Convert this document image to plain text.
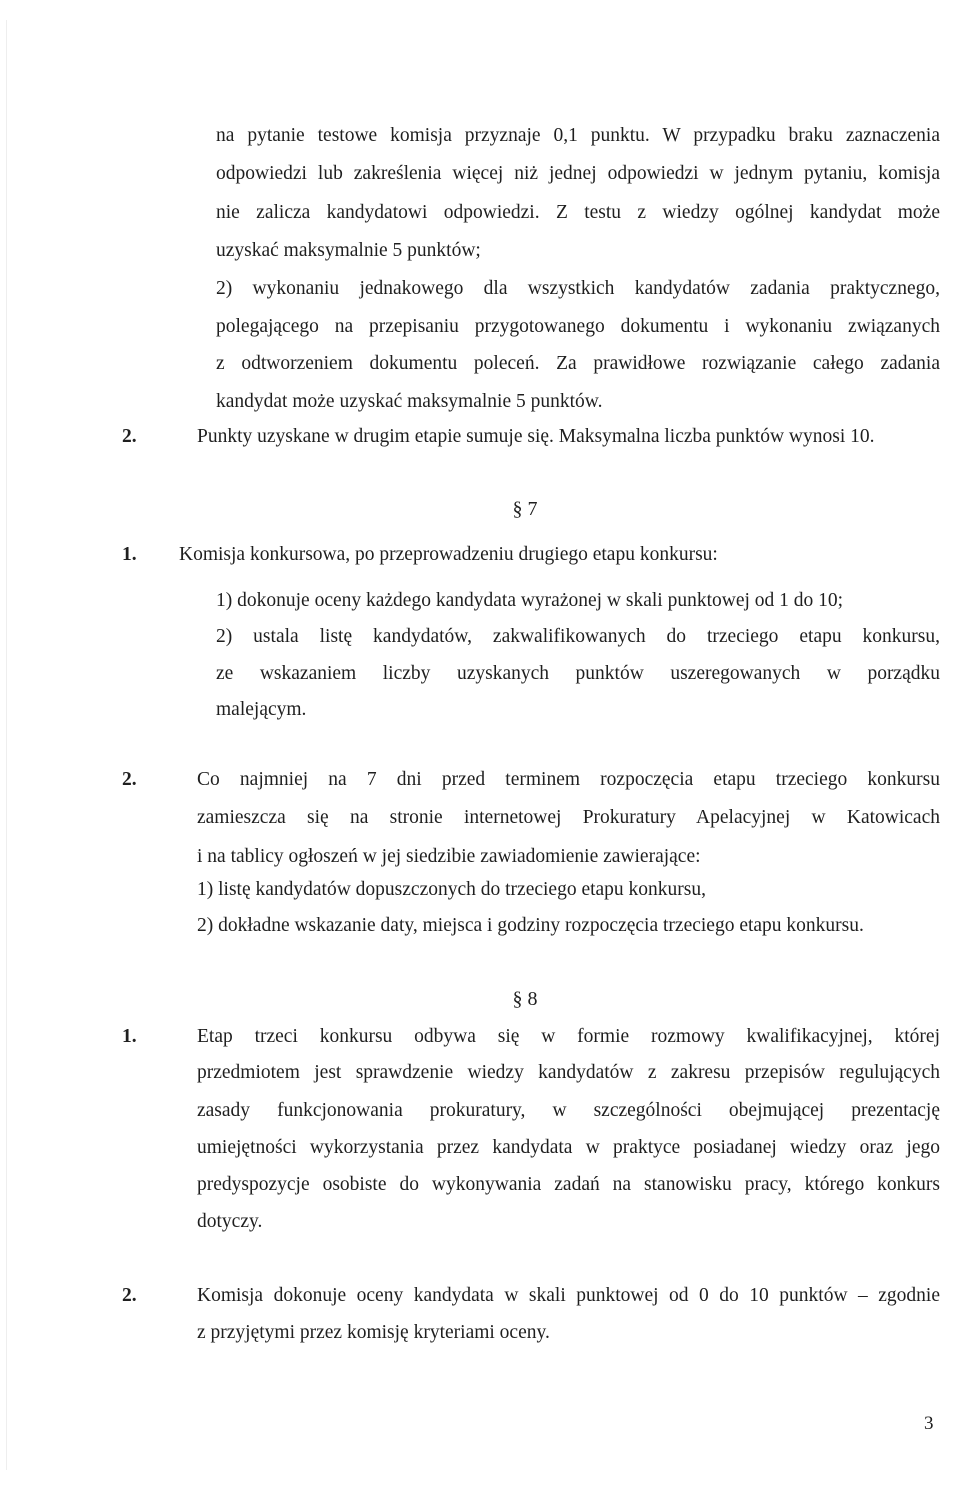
na pytanie testowe komisja przyznaje 0,1 punktu. W przypadku braku zaznaczenia
odpowiedzi lub zakreślenia więcej niż jednej odpowiedzi w jednym pytaniu, komisja
nie zalicza kandydatowi odpowiedzi. Z testu z wiedzy ogólnej kandydat może
uzyskać maksymalnie 5 punktów;
2) wykonaniu jednakowego dla wszystkich kandydatów zadania praktycznego,
polegającego na przepisaniu przygotowanego dokumentu i wykonaniu związanych
z odtworzeniem dokumentu poleceń. Za prawidłowe rozwiązanie całego zadania
kandydat może uzyskać maksymalnie 5 punktów.
2.	Punkty uzyskane w drugim etapie sumuje się. Maksymalna liczba punktów wynosi 10.
§ 7
1. Komisja konkursowa, po przeprowadzeniu drugiego etapu konkursu:
1) dokonuje oceny każdego kandydata wyrażonej w skali punktowej od 1 do 10;
2) ustala listę kandydatów, zakwalifikowanych do trzeciego etapu konkursu,
ze wskazaniem liczby uzyskanych punktów uszeregowanych w porządku
malejącym.
2.	Co najmniej na 7 dni przed terminem rozpoczęcia etapu trzeciego konkursu
zamieszcza się na stronie internetowej Prokuratury Apelacyjnej w Katowicach
i na tablicy ogłoszeń w jej siedzibie zawiadomienie zawierające:
1) listę kandydatów dopuszczonych do trzeciego etapu konkursu,
2) dokładne wskazanie daty, miejsca i godziny rozpoczęcia trzeciego etapu konkursu.
§ 8
1.	Etap trzeci konkursu odbywa się w formie rozmowy kwalifikacyjnej, której
przedmiotem jest sprawdzenie wiedzy kandydatów z zakresu przepisów regulujących
zasady funkcjonowania prokuratury, w szczególności obejmującej prezentację
umiejętności wykorzystania przez kandydata w praktyce posiadanej wiedzy oraz jego
predyspozycje osobiste do wykonywania zadań na stanowisku pracy, którego konkurs
dotyczy.
2.	Komisja dokonuje oceny kandydata w skali punktowej od 0 do 10 punktów – zgodnie
z przyjętymi przez komisję kryteriami oceny.
3
